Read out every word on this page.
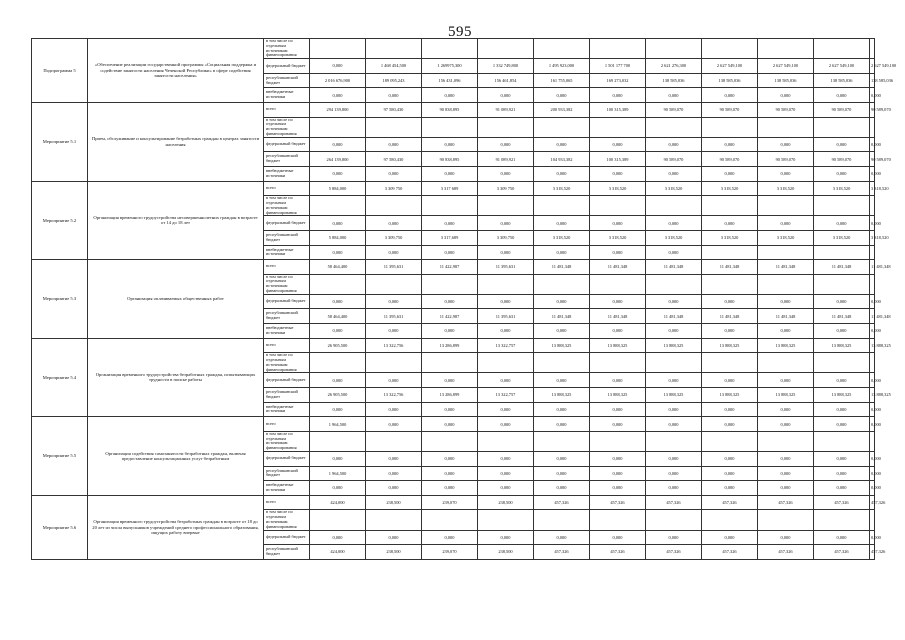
595
Подпрограмма 5	«Обеспечение реализации государственной программы «Социальная поддержка и содействие занятости населения Чеченской Республики» в сфере содействия занятости населения»	в том числе по отдельным источникам финансирования											
		федеральный бюджет	0,000	1 468 454,500	1 269975,300	1 332 749,800	1 495 923,000	1 501 177 700	2 621 276,300	2 627 549,100	2 627 549,100	2 627 549,100	2 627 549,100
		республиканский бюджет	2 016 676,900	189 095,243	156 431,096	156 461,854	161 755,065	169 273,032	138 585,036	138 585,036	138 585,036	138 585,036	138 585,036
		внебюджетные источники	0,000	0,000	0,000	0,000	0,000	0,000	0,000	0,000	0,000	0,000	0,000
Мероприятие 5.1	Прием, обслуживание и консультирование безработных граждан в центрах занятости населения	всего	294 139,800	97 580,430	90 838,895	91 089,921	200 933,382	100 315,389	90 589,070	90 589,070	90 589,070	90 589,070	90 589,070
		в том числе по отдельным источникам финансирования											
		федеральный бюджет	0,000	0,000	0,000	0,000	0,000	0,000	0,000	0,000	0,000	0,000	0,000
		республиканский бюджет	264 139,800	97 580,430	90 838,895	91 089,921	104 933,382	100 315,389	90 589,070	90 589,070	90 589,070	90 589,070	90 589,070
		внебюджетные источники	0,000	0,000	0,000	0,000	0,000	0,000	0,000	0,000	0,000	0,000	0,000
Мероприятие 5.2	Организация временного трудоустройства несовершеннолетних граждан в возрасте от 14 до 18 лет	всего	5 884,000	3 309 750	3 317 689	3 309 750	3 318,520	3 318,520	3 318,520	3 318,520	3 318,520	3 318,520	3 318,520
		в том числе по отдельным источникам финансирования											
		федеральный бюджет	0,000	0,000	0,000	0,000	0,000	0,000	0,000	0,000	0,000	0,000	0,000
		республиканский бюджет	5 884,000	3 309,750	3 317,689	3 309,750	3 318,520	3 318,520	3 318,520	3 318,520	3 318,520	3 318,520	3 318,520
		внебюджетные источники	0,000	0,000	0,000	0,000	0,000	0,000	0,000				
Мероприятие 5.3	Организация оплачиваемых общественных работ	всего	58 464,400	11 395,631	11 422,987	11 395,631	11 481,348	11 481,348	11 481,348	11 481,348	11 481,348	11 481,348	11 481,348
		в том числе по отдельным источникам финансирования											
		федеральный бюджет	0,000	0,000	0,000	0,000	0,000	0,000	0,000	0,000	0,000	0,000	0,000
		республиканский бюджет	58 464,400	11 395,631	11 422,987	11 395,631	11 481,348	11 481,348	11 481,348	11 481,348	11 481,348	11 481,348	11 481,348
		внебюджетные источники	0,000	0,000	0,000	0,000	0,000	0,000	0,000	0,000	0,000	0,000	0,000
Мероприятие 5.4	Организация временного трудоустройства безработных граждан, испытывающих трудности в поиске работы	всего	26 905,500	13 322,756	13 286,899	13 322,757	13 888,325	13 888,325	13 888,325	13 888,325	13 888,325	13 888,325	13 888,325
		в том числе по отдельным источникам финансирования											
		федеральный бюджет	0,000	0,000	0,000	0,000	0,000	0,000	0,000	0,000	0,000	0,000	0,000
		республиканский бюджет	26 905,500	13 322,756	13 286,899	13 322,757	13 888,325	13 888,325	13 888,325	13 888,325	13 888,325	13 888,325	13 888,325
		внебюджетные источники	0,000	0,000	0,000	0,000	0,000	0,000	0,000	0,000	0,000	0,000	0,000
Мероприятие 5.5	Организация содействия самозанятости безработных граждан, включая предоставление консультационных услуг безработным	всего	1 964,500	0,000	0,000	0,000	0,000	0,000	0,000	0,000	0,000	0,000	0,000
		в том числе по отдельным источникам финансирования											
		федеральный бюджет	0,000	0,000	0,000	0,000	0,000	0,000	0,000	0,000	0,000	0,000	0,000
		республиканский бюджет	1 964,500	0,000	0,000	0,000	0,000	0,000	0,000	0,000	0,000	0,000	0,000
		внебюджетные источники	0,000	0,000	0,000	0,000	0,000	0,000	0,000	0,000	0,000	0,000	0,000
Мероприятие 5.6	Организация временного трудоустройства безработных граждан в возрасте от 18 до 20 лет из числа выпускников учреждений среднего профессионального образования, ищущих работу впервые	всего	424,000	238,500	239,070	238,500	457,326	457,326	457,326	457,326	457,326	457,326	457,326
		в том числе по отдельным источникам финансирования											
		федеральный бюджет	0,000	0,000	0,000	0,000	0,000	0,000	0,000	0,000	0,000	0,000	0,000
		республиканский бюджет	424,000	238,500	239,070	238,500	457,326	457,326	457,326	457,326	457,326	457,326	457,326
